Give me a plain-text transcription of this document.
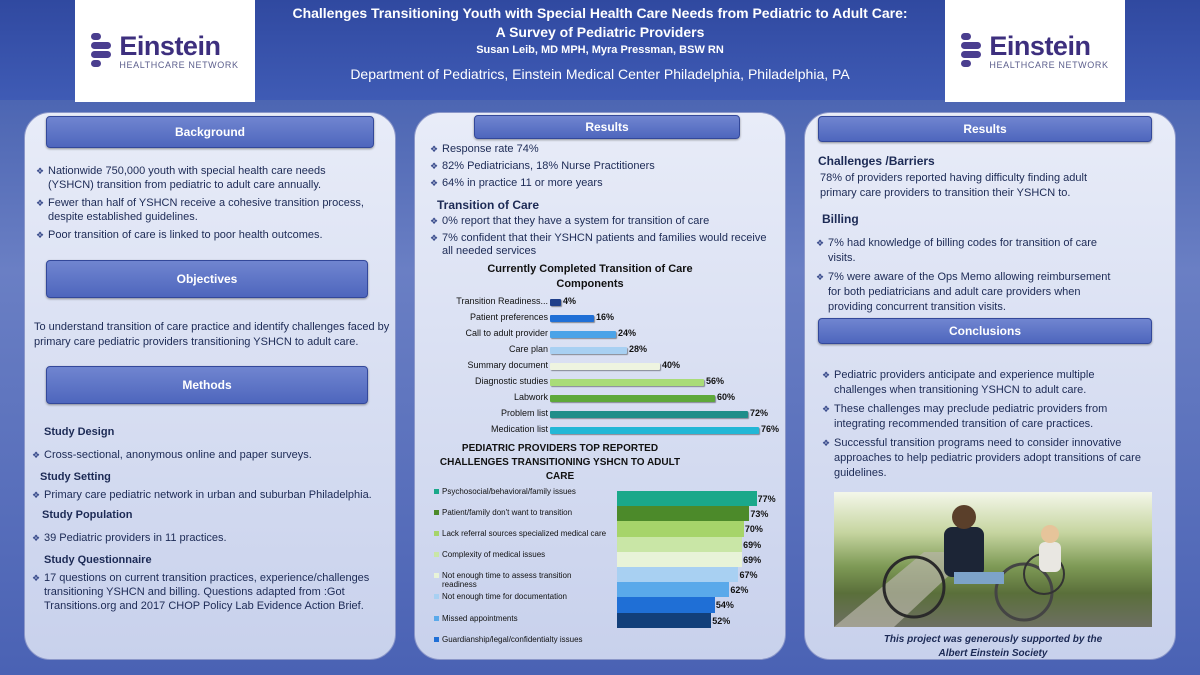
Einstein
HEALTHCARE NETWORK
Einstein
HEALTHCARE NETWORK
Challenges Transitioning Youth with Special Health Care Needs from Pediatric to Adult Care:
A Survey of Pediatric Providers
Susan Leib, MD MPH, Myra Pressman, BSW RN
Department of Pediatrics, Einstein Medical Center Philadelphia, Philadelphia, PA
Background
❖ Nationwide 750,000 youth with special health care needs (YSHCN) transition from pediatric to adult care annually.
❖ Fewer than half of YSHCN receive a cohesive transition process, despite established guidelines.
❖ Poor transition of care is linked to poor health outcomes.
Objectives
To understand transition of care practice and identify challenges faced by primary care pediatric providers transitioning YSHCN to adult care.
Methods
Study Design
❖ Cross-sectional, anonymous online and paper surveys.
Study Setting
❖ Primary care pediatric network in urban and suburban Philadelphia.
Study Population
❖ 39 Pediatric providers in 11 practices.
Study Questionnaire
❖ 17 questions on current transition practices, experience/challenges transitioning YSHCN and billing. Questions adapted from :Got Transitions.org and 2017 CHOP Policy Lab Evidence Action Brief.
Results
❖ Response rate 74%
❖ 82% Pediatricians, 18% Nurse Practitioners
❖ 64% in practice 11 or more years
Transition of Care
❖ 0% report that they have a system for transition of care
❖ 7% confident that their YSHCN patients and families would receive all needed services
Currently Completed Transition of Care Components
Transition Readiness... 4%
Patient preferences	16%
Call to adult provider	24%
Care plan	28%
Summary document	40%
Diagnostic studies	56%
Labwork	60%
Problem list	72%
Medication list	76%
PEDIATRIC PROVIDERS TOP REPORTED CHALLENGES TRANSITIONING YSHCN TO ADULT CARE
77%
73%
70%
69%
69%
67%
62%
54%
52%
Psychosocial/behavioral/family issues
Patient/family don't want to transition
Lack referral sources specialized medical care
Complexity of medical issues
Not enough time to assess transition readiness
Not enough time for documentation
Missed appointments
Guardianship/legal/confidentialty issues
Results
Challenges /Barriers
78% of providers reported having difficulty finding adult primary care providers to transition their YSHCN to.
Billing
❖ 7% had knowledge of billing codes for transition of care visits.
❖ 7% were aware of the Ops Memo allowing reimbursement for both pediatricians and adult care providers when providing concurrent transition visits.
Conclusions
❖ Pediatric providers anticipate and experience multiple challenges when transitioning YSHCN to adult care.
❖ These challenges may preclude pediatric providers from integrating recommended transition of care practices.
❖ Successful transition programs need to consider innovative approaches to help pediatric providers adopt transitions of care guidelines.
This project was generously supported by the
Albert Einstein Society
